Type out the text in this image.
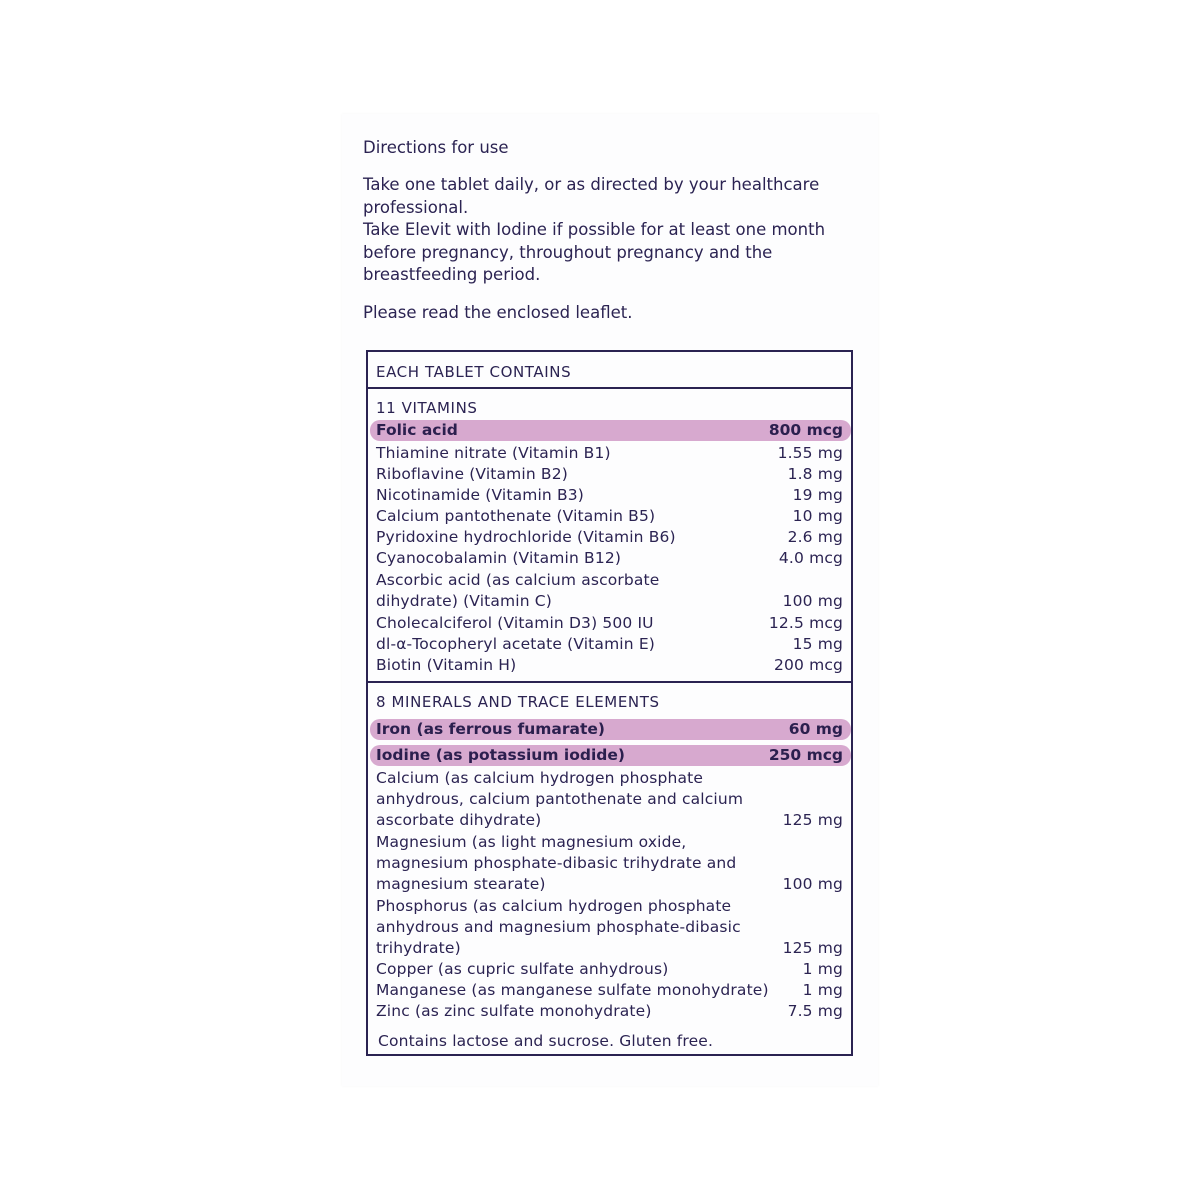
Directions for use
Take one tablet daily, or as directed by your healthcare professional.
Take Elevit with Iodine if possible for at least one month before pregnancy, throughout pregnancy and the breastfeeding period.
Please read the enclosed leaflet.
EACH TABLET CONTAINS
11 VITAMINS
Folic acid	800 mcg
Thiamine nitrate (Vitamin B1)	1.55 mg
Riboflavine (Vitamin B2)	1.8 mg
Nicotinamide (Vitamin B3)	19 mg
Calcium pantothenate (Vitamin B5)	10 mg
Pyridoxine hydrochloride (Vitamin B6)	2.6 mg
Cyanocobalamin (Vitamin B12)	4.0 mcg
Ascorbic acid (as calcium ascorbate dihydrate) (Vitamin C)	100 mg
Cholecalciferol (Vitamin D3) 500 IU	12.5 mcg
dl-α-Tocopheryl acetate (Vitamin E)	15 mg
Biotin (Vitamin H)	200 mcg
8 MINERALS AND TRACE ELEMENTS
Iron (as ferrous fumarate)	60 mg
Iodine (as potassium iodide)	250 mcg
Calcium (as calcium hydrogen phosphate anhydrous, calcium pantothenate and calcium ascorbate dihydrate)	125 mg
Magnesium (as light magnesium oxide, magnesium phosphate-dibasic trihydrate and magnesium stearate)	100 mg
Phosphorus (as calcium hydrogen phosphate anhydrous and magnesium phosphate-dibasic trihydrate)	125 mg
Copper (as cupric sulfate anhydrous)	1 mg
Manganese (as manganese sulfate monohydrate) 1 mg
Zinc (as zinc sulfate monohydrate)	7.5 mg
Contains lactose and sucrose. Gluten free.
